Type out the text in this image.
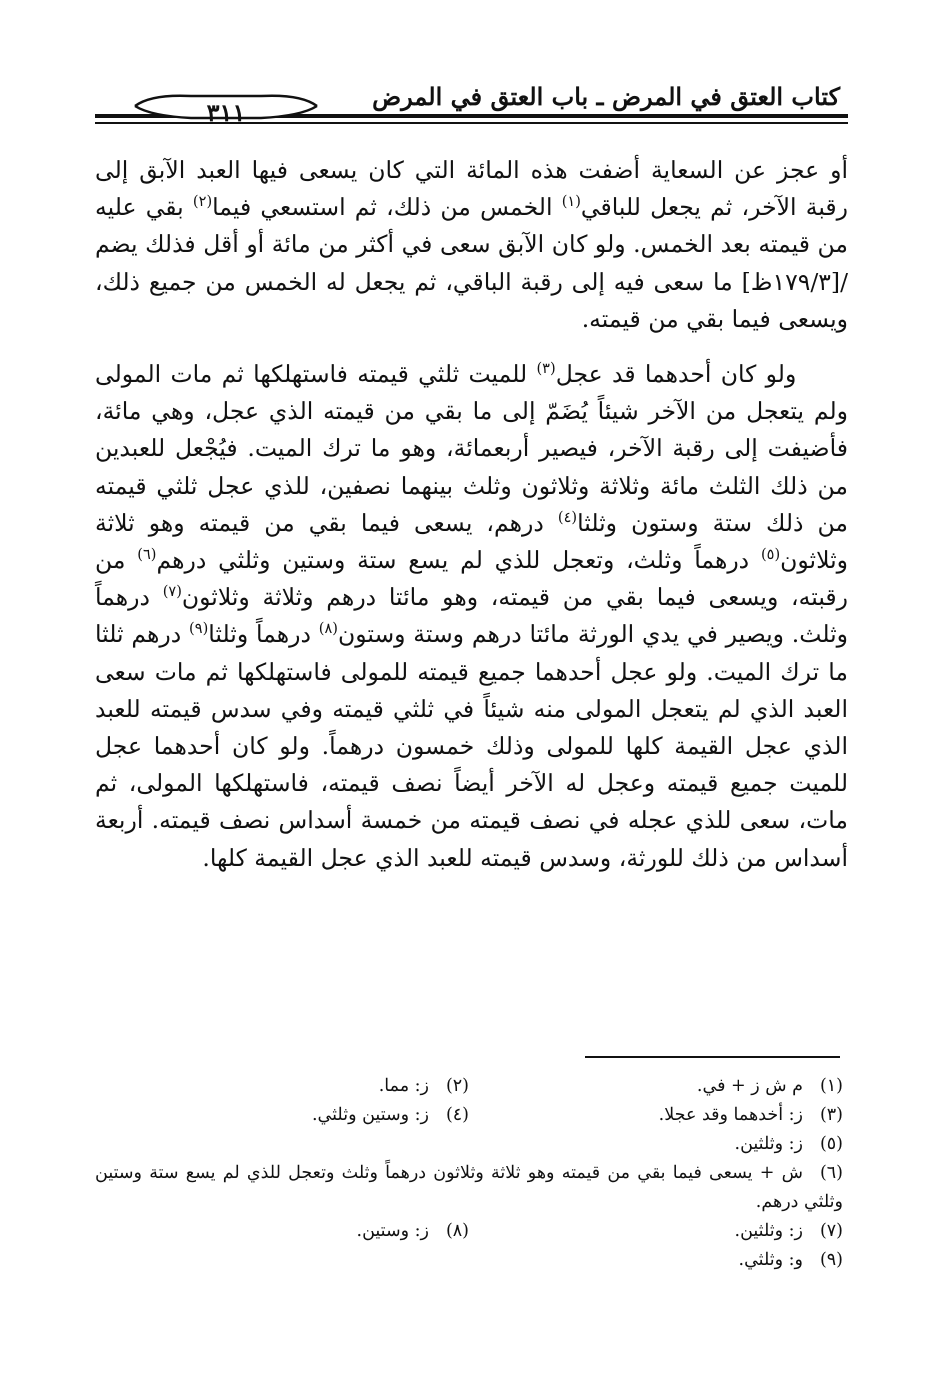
كتاب العتق في المرض ـ باب العتق في المرض
٣١١

أو عجز عن السعاية أضفت هذه المائة التي كان يسعى فيها العبد الآبق إلى رقبة الآخر، ثم يجعل للباقي$^{(١)}$ الخمس من ذلك، ثم استسعي فيما$^{(٢)}$ بقي عليه من قيمته بعد الخمس. ولو كان الآبق سعى في أكثر من مائة أو أقل فذلك يضم /[١٧٩/٣ظ] ما سعى فيه إلى رقبة الباقي، ثم يجعل له الخمس من جميع ذلك، ويسعى فيما بقي من قيمته.

ولو كان أحدهما قد عجل$^{(٣)}$ للميت ثلثي قيمته فاستهلكها ثم مات المولى ولم يتعجل من الآخر شيئاً يُضَمّ إلى ما بقي من قيمته الذي عجل، وهي مائة، فأضيفت إلى رقبة الآخر، فيصير أربعمائة، وهو ما ترك الميت. فيُجْعل للعبدين من ذلك الثلث مائة وثلاثة وثلاثون وثلث بينهما نصفين، للذي عجل ثلثي قيمته من ذلك ستة وستون وثلثا$^{(٤)}$ درهم، يسعى فيما بقي من قيمته وهو ثلاثة وثلاثون$^{(٥)}$ درهماً وثلث، وتعجل للذي لم يسع ستة وستين وثلثي درهم$^{(٦)}$ من رقبته، ويسعى فيما بقي من قيمته، وهو مائتا درهم وثلاثة وثلاثون$^{(٧)}$ درهماً وثلث. ويصير في يدي الورثة مائتا درهم وستة وستون$^{(٨)}$ درهماً وثلثا$^{(٩)}$ درهم ثلثا ما ترك الميت. ولو عجل أحدهما جميع قيمته للمولى فاستهلكها ثم مات سعى العبد الذي لم يتعجل المولى منه شيئاً في ثلثي قيمته وفي سدس قيمته للعبد الذي عجل القيمة كلها للمولى وذلك خمسون درهماً. ولو كان أحدهما عجل للميت جميع قيمته وعجل له الآخر أيضاً نصف قيمته، فاستهلكها المولى، ثم مات، سعى للذي عجله في نصف قيمته من خمسة أسداس نصف قيمته. أربعة أسداس من ذلك للورثة، وسدس قيمته للعبد الذي عجل القيمة كلها.

(١)م ش ز + في.
(٢)ز: مما.
(٣)ز: أخدهما وقد عجلا.
(٤)ز: وستين وثلثي.
(٥)ز: وثلثين.
(٦)ش + يسعى فيما بقي من قيمته وهو ثلاثة وثلاثون درهماً وثلث وتعجل للذي لم يسع ستة وستين وثلثي درهم.
(٧)ز: وثلثين.
(٨)ز: وستين.
(٩)و: وثلثي.
